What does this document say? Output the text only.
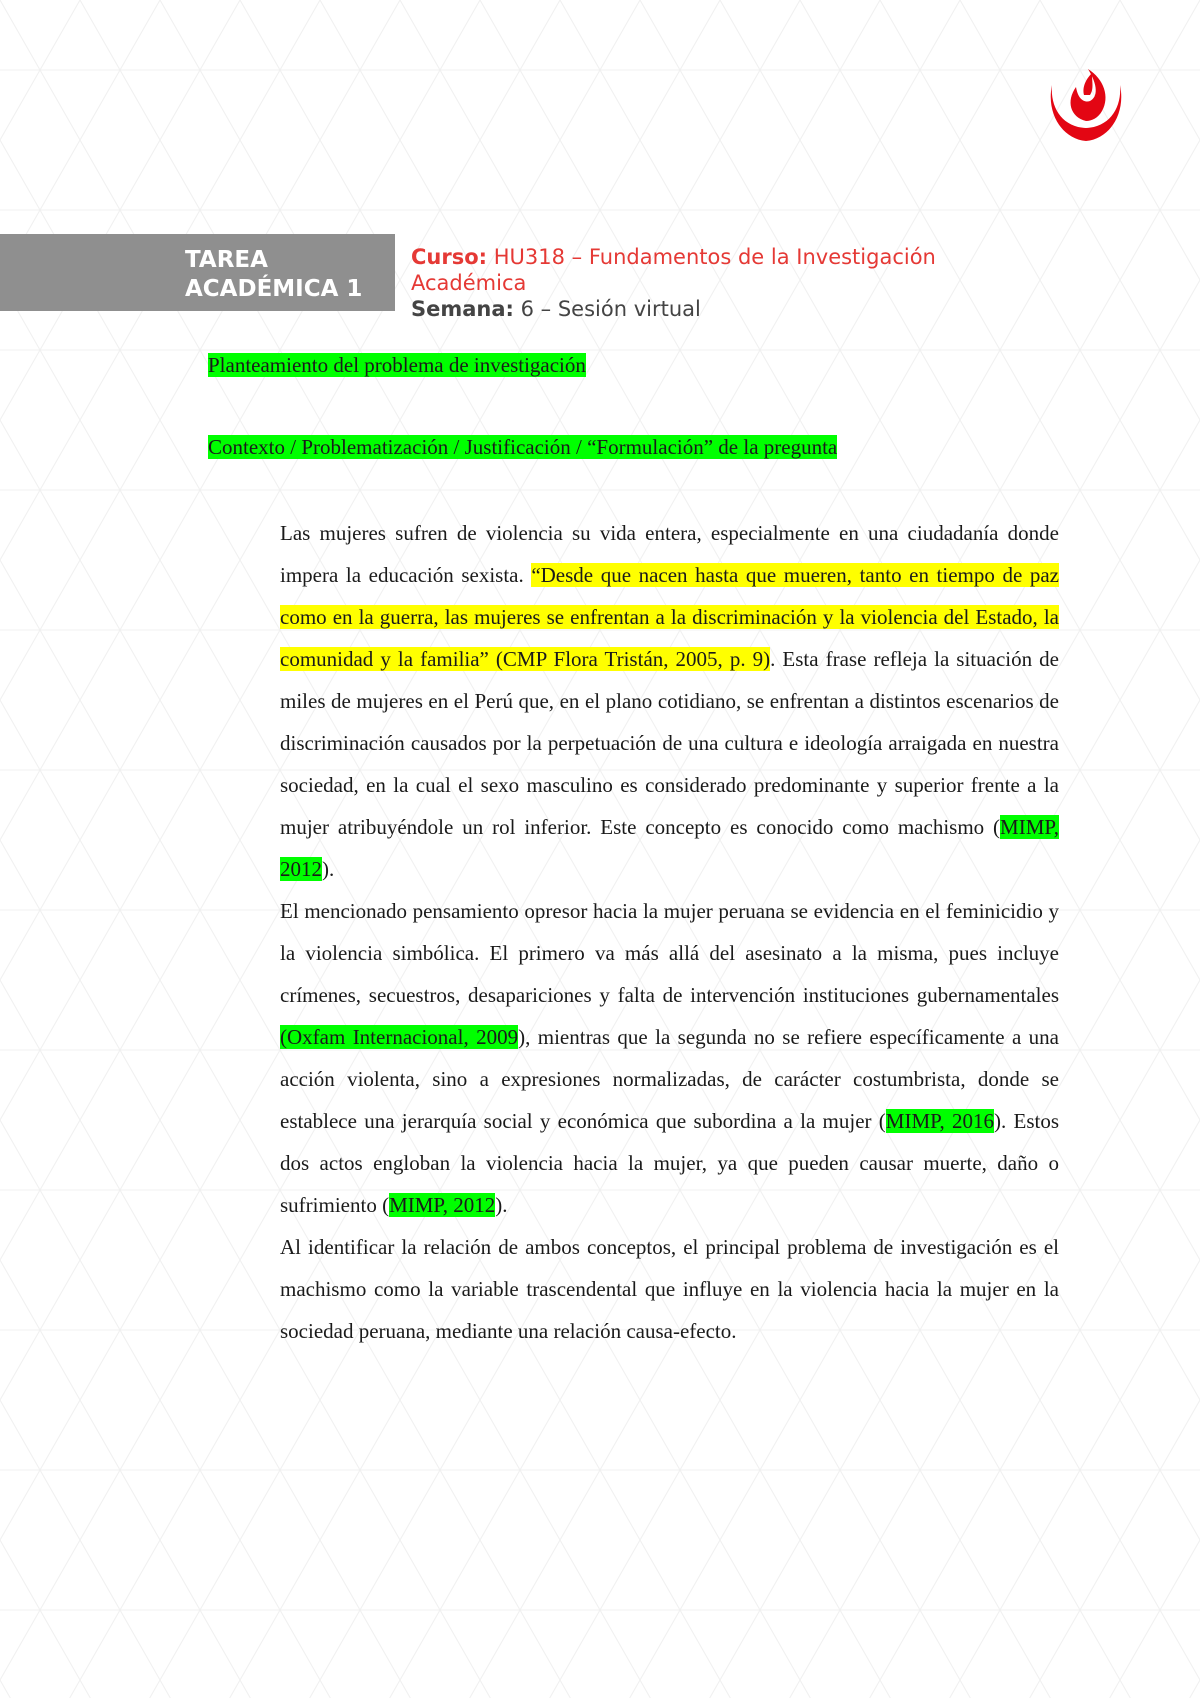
TAREA
ACADÉMICA 1
Curso: HU318 – Fundamentos de la Investigación Académica
Semana: 6 – Sesión virtual
Planteamiento del problema de investigación
Contexto / Problematización / Justificación / “Formulación” de la pregunta

Las mujeres sufren de violencia su vida entera, especialmente en una ciudadanía donde impera la educación sexista. “Desde que nacen hasta que mueren, tanto en tiempo de paz como en la guerra, las mujeres se enfrentan a la discriminación y la violencia del Estado, la comunidad y la familia” (CMP Flora Tristán, 2005, p. 9). Esta frase refleja la situación de miles de mujeres en el Perú que, en el plano cotidiano, se enfrentan a distintos escenarios de discriminación causados por la perpetuación de una cultura e ideología arraigada en nuestra sociedad, en la cual el sexo masculino es considerado predominante y superior frente a la mujer atribuyéndole un rol inferior. Este concepto es conocido como machismo (MIMP, 2012).

El mencionado pensamiento opresor hacia la mujer peruana se evidencia en el feminicidio y la violencia simbólica. El primero va más allá del asesinato a la misma, pues incluye crímenes, secuestros, desapariciones y falta de intervención instituciones gubernamentales (Oxfam Internacional, 2009), mientras que la segunda no se refiere específicamente a una acción violenta, sino a expresiones normalizadas, de carácter costumbrista, donde se establece una jerarquía social y económica que subordina a la mujer (MIMP, 2016). Estos dos actos engloban la violencia hacia la mujer, ya que pueden causar muerte, daño o sufrimiento (MIMP, 2012).

Al identificar la relación de ambos conceptos, el principal problema de investigación es el machismo como la variable trascendental que influye en la violencia hacia la mujer en la sociedad peruana, mediante una relación causa-efecto.
